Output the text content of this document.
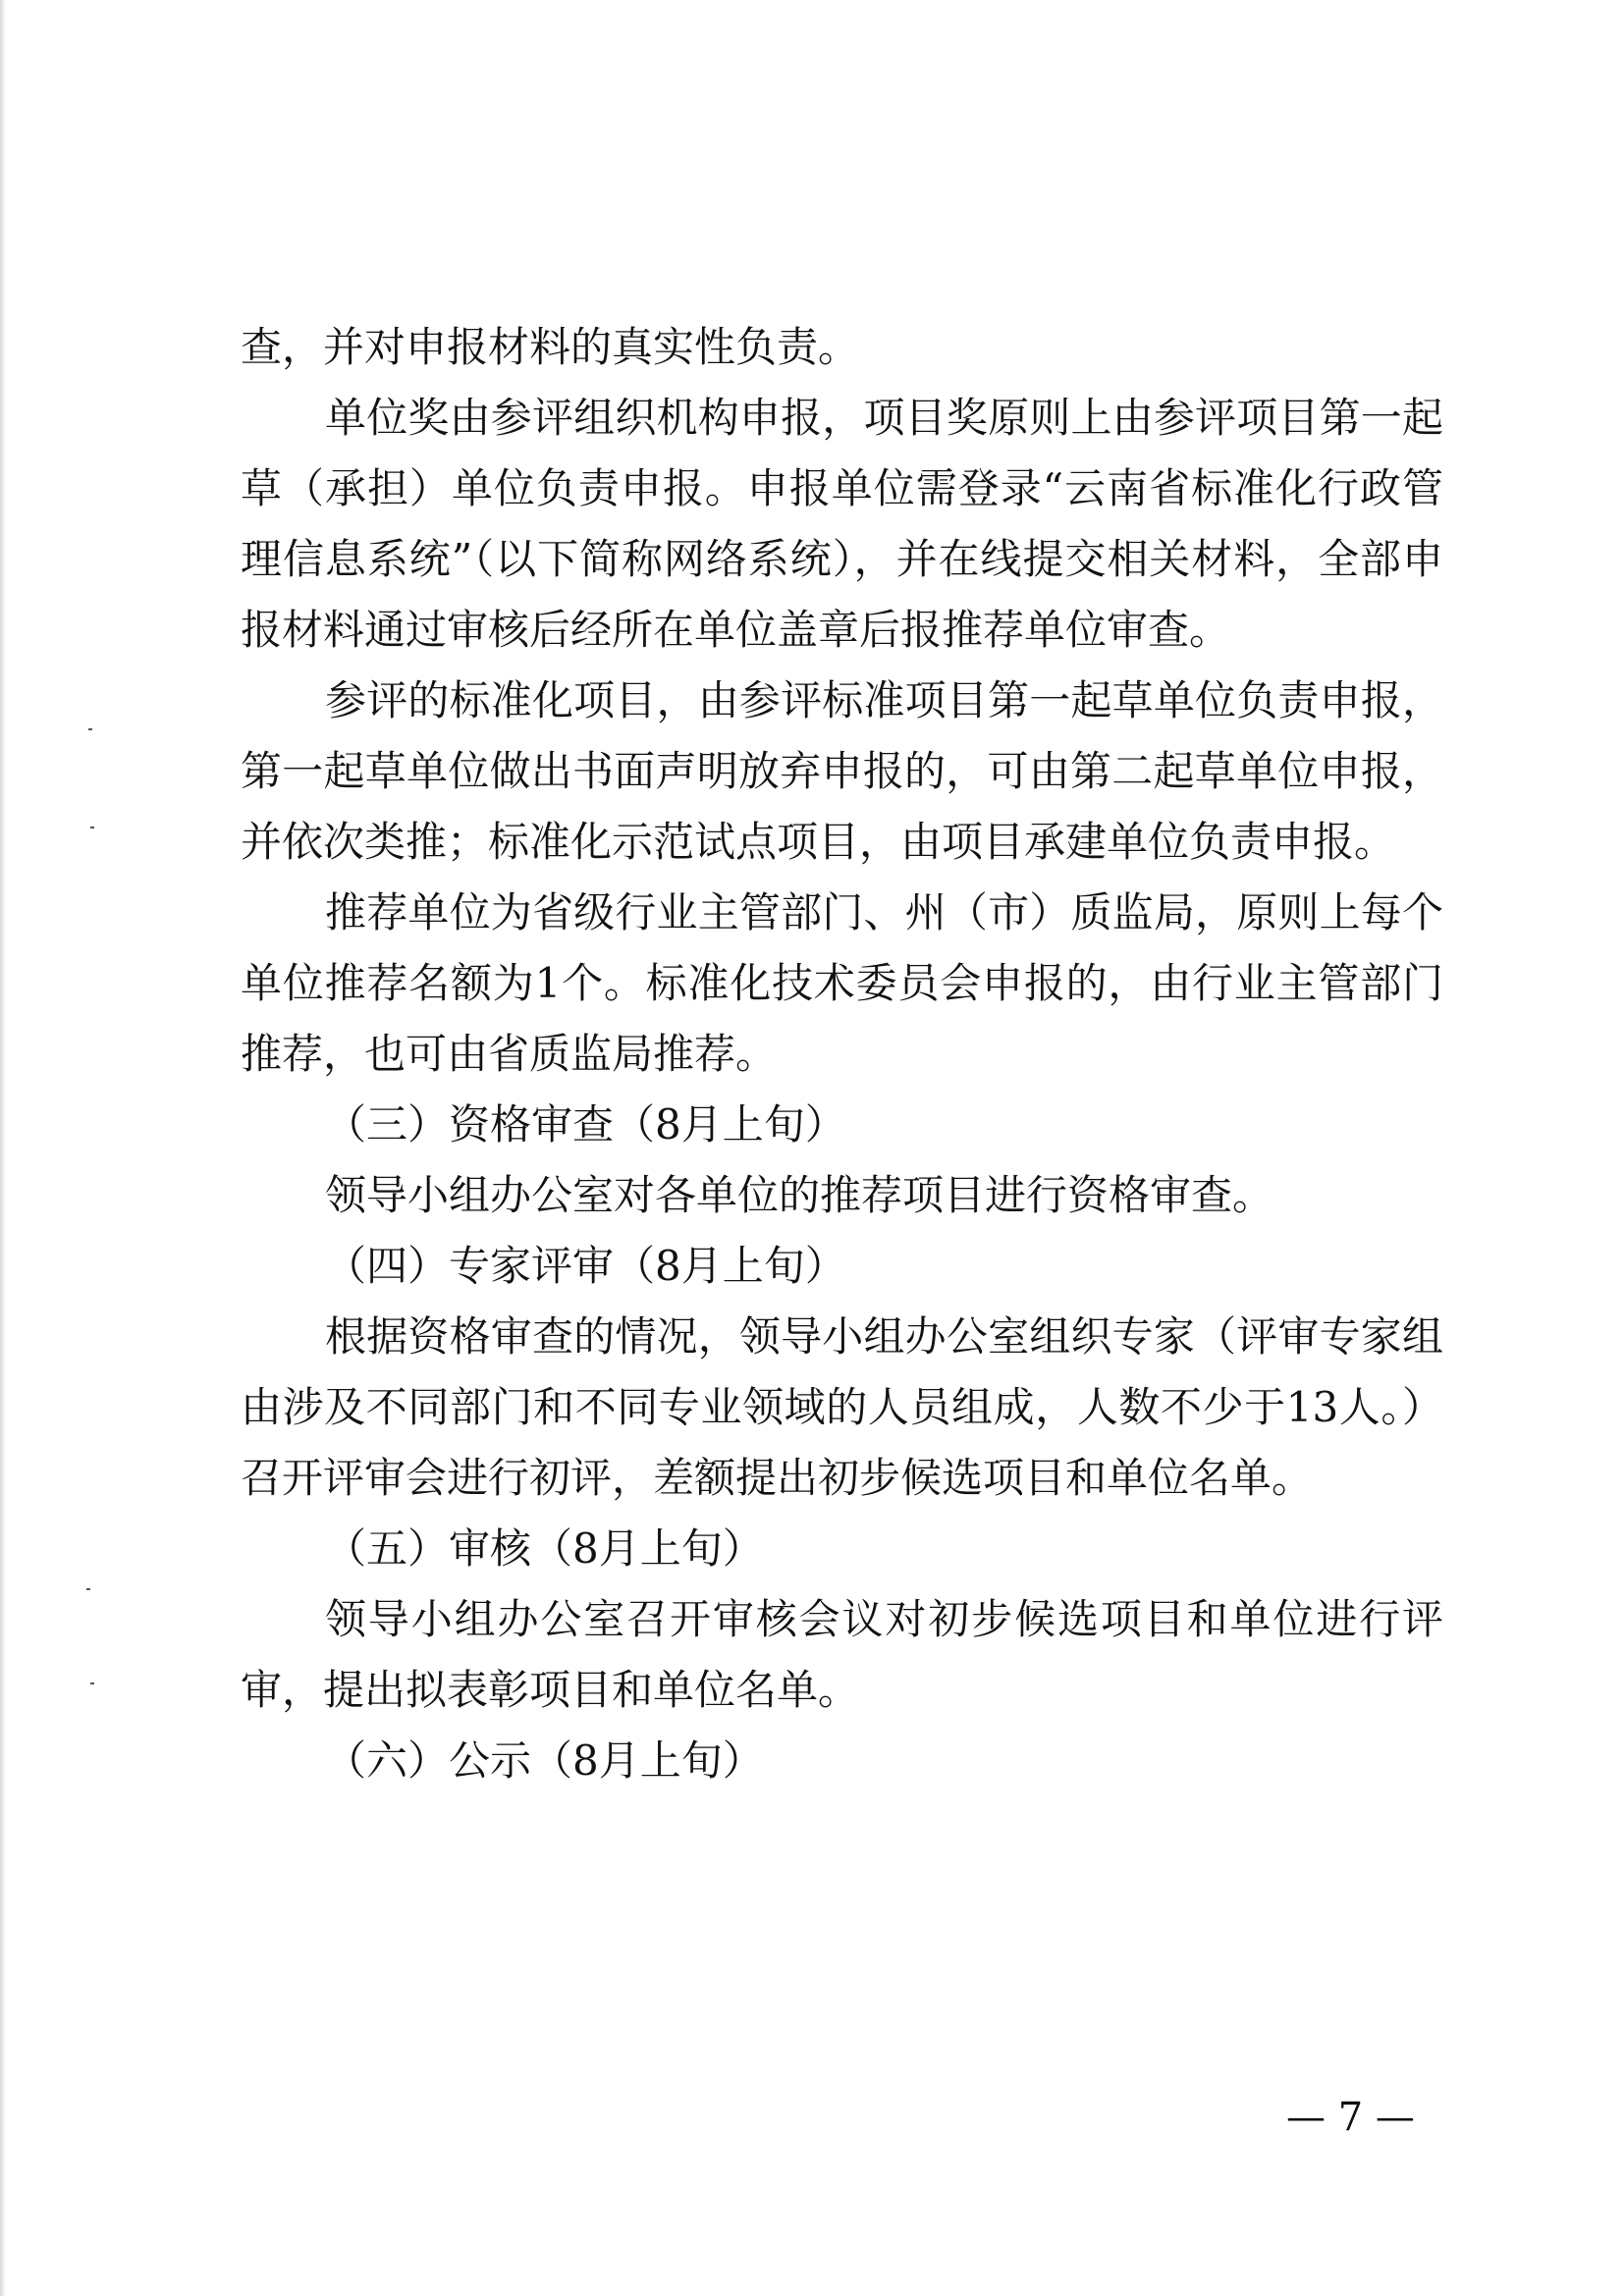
查，并对申报材料的真实性负责。

单位奖由参评组织机构申报，项目奖原则上由参评项目第一起草（承担）单位负责申报。申报单位需登录“云南省标准化行政管理信息系统”（以下简称网络系统），并在线提交相关材料，全部申报材料通过审核后经所在单位盖章后报推荐单位审查。

参评的标准化项目，由参评标准项目第一起草单位负责申报，第一起草单位做出书面声明放弃申报的，可由第二起草单位申报，并依次类推；标准化示范试点项目，由项目承建单位负责申报。

推荐单位为省级行业主管部门、州（市）质监局，原则上每个单位推荐名额为1个。标准化技术委员会申报的，由行业主管部门推荐，也可由省质监局推荐。

（三）资格审查（8月上旬）

领导小组办公室对各单位的推荐项目进行资格审查。

（四）专家评审（8月上旬）

根据资格审查的情况，领导小组办公室组织专家（评审专家组由涉及不同部门和不同专业领域的人员组成，人数不少于13人。）召开评审会进行初评，差额提出初步候选项目和单位名单。

（五）审核（8月上旬）

领导小组办公室召开审核会议对初步候选项目和单位进行评审，提出拟表彰项目和单位名单。

（六）公示（8月上旬）

— 7 —
